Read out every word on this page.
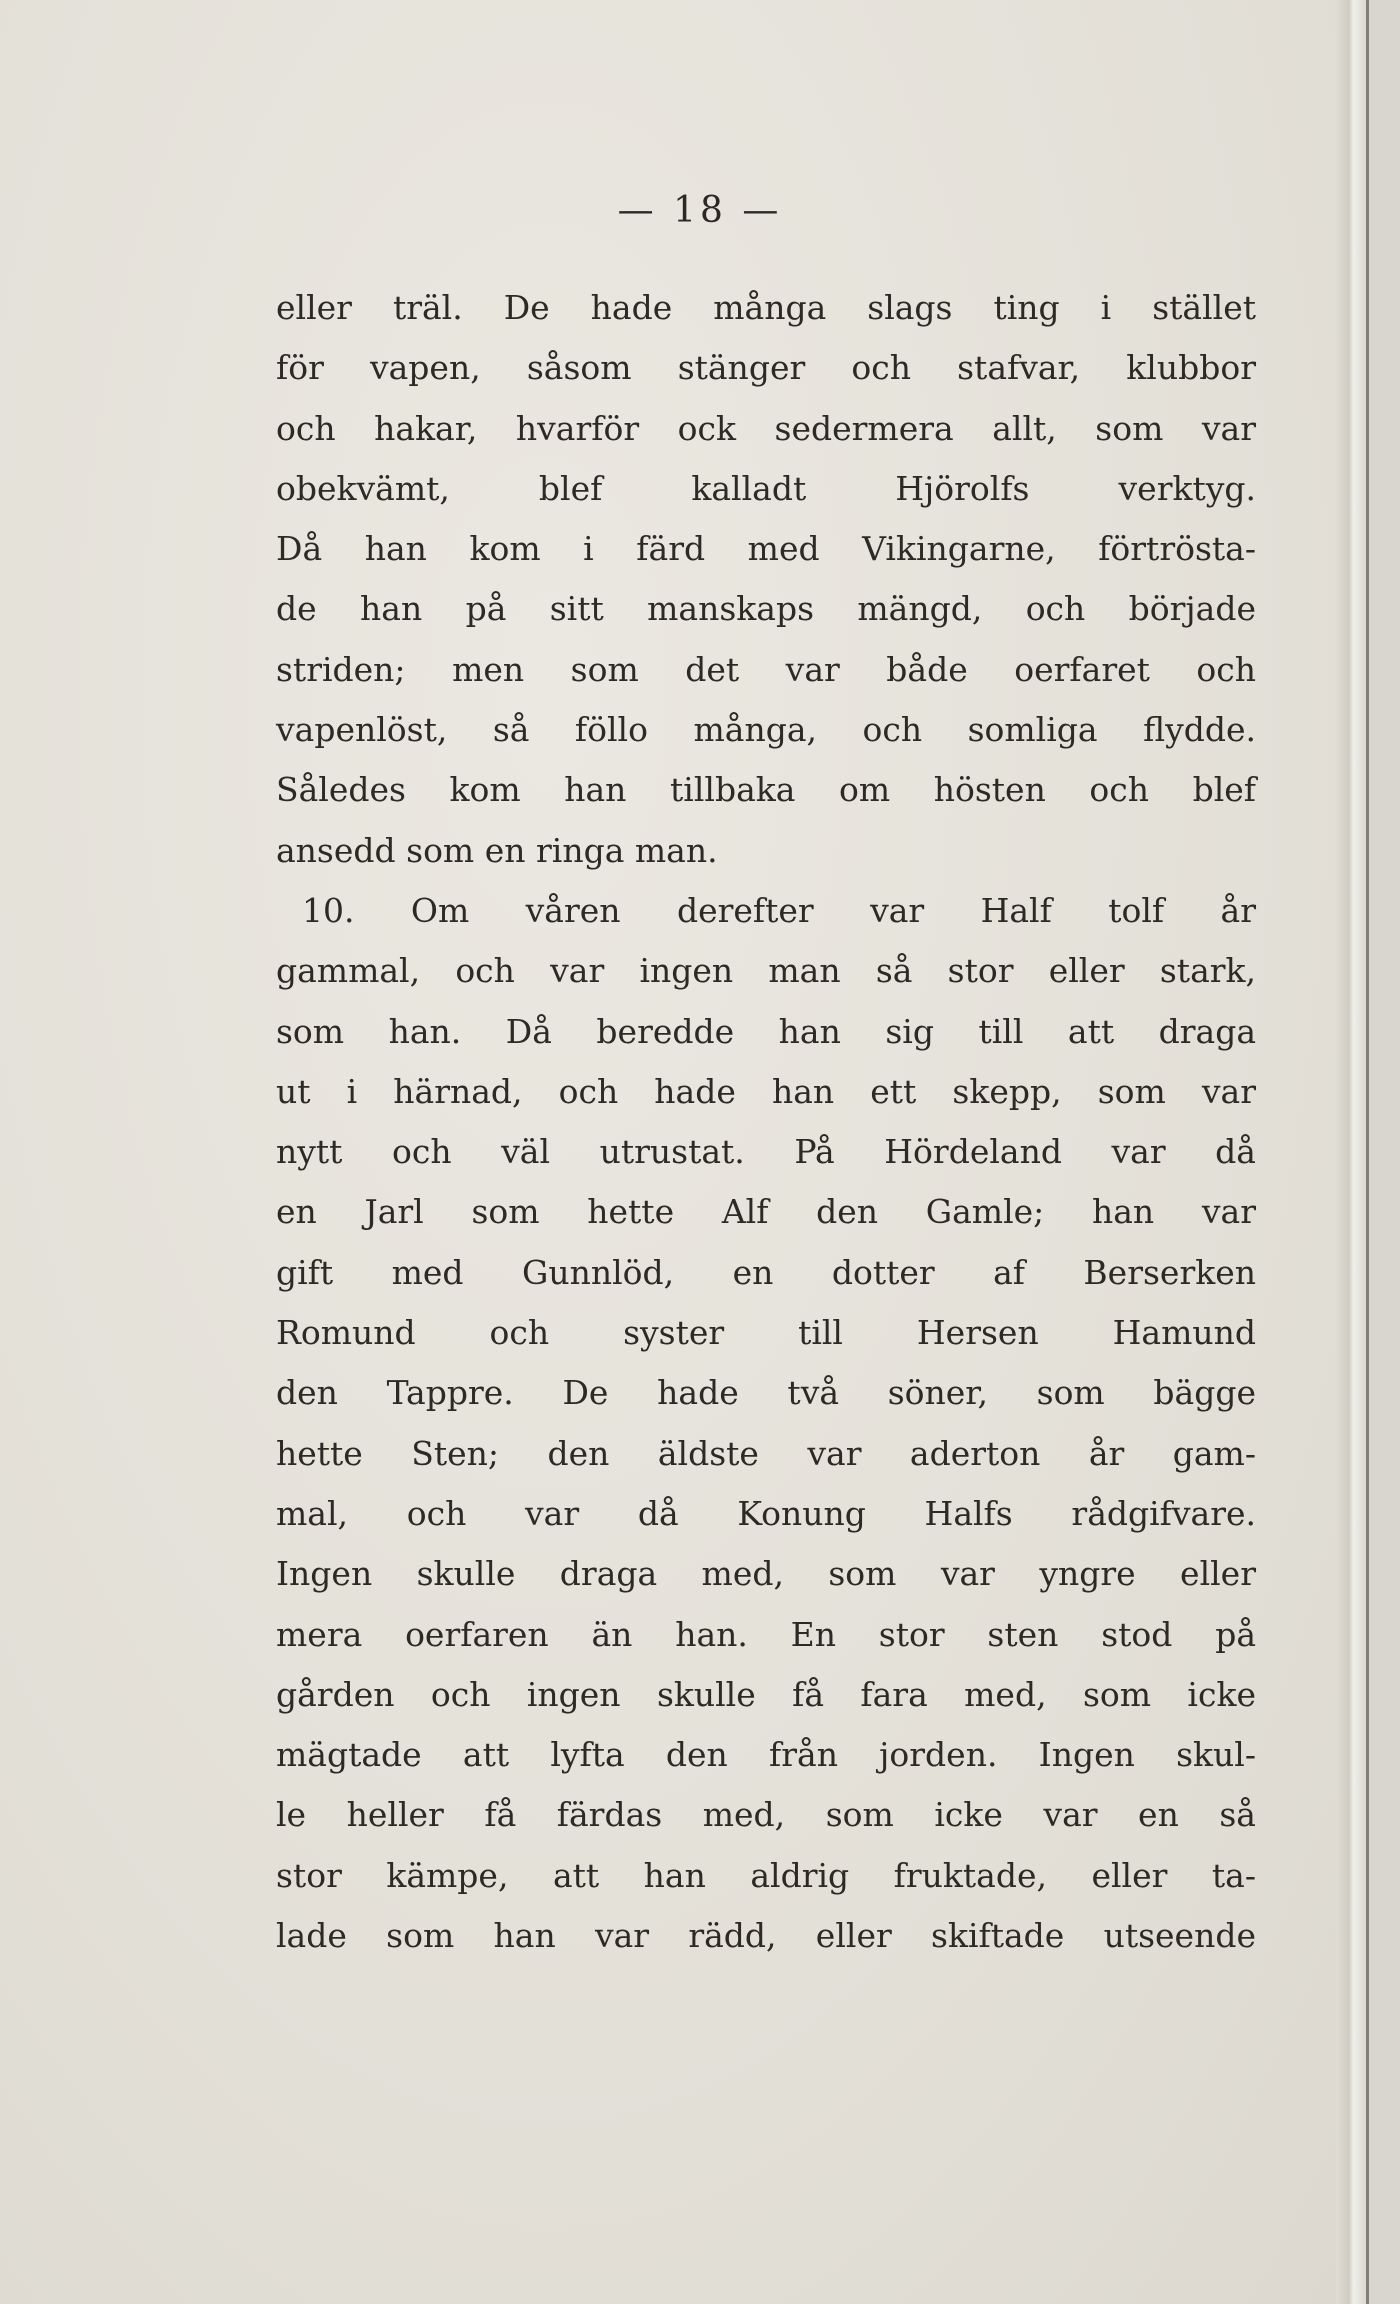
— 18 —
eller träl. De hade många slags ting i stället
för vapen, såsom stänger och stafvar, klubbor
och hakar, hvarför ock sedermera allt, som var
obekvämt, blef kalladt Hjörolfs verktyg.
Då han kom i färd med Vikingarne, förtrösta-
de han på sitt manskaps mängd, och började
striden; men som det var både oerfaret och
vapenlöst, så föllo många, och somliga flydde.
Således kom han tillbaka om hösten och blef
ansedd som en ringa man.
10. Om våren derefter var Half tolf år
gammal, och var ingen man så stor eller stark,
som han. Då beredde han sig till att draga
ut i härnad, och hade han ett skepp, som var
nytt och väl utrustat. På Hördeland var då
en Jarl som hette Alf den Gamle; han var
gift med Gunnlöd, en dotter af Berserken
Romund och syster till Hersen Hamund
den Tappre. De hade två söner, som bägge
hette Sten; den äldste var aderton år gam-
mal, och var då Konung Halfs rådgifvare.
Ingen skulle draga med, som var yngre eller
mera oerfaren än han. En stor sten stod på
gården och ingen skulle få fara med, som icke
mägtade att lyfta den från jorden. Ingen skul-
le heller få färdas med, som icke var en så
stor kämpe, att han aldrig fruktade, eller ta-
lade som han var rädd, eller skiftade utseende
